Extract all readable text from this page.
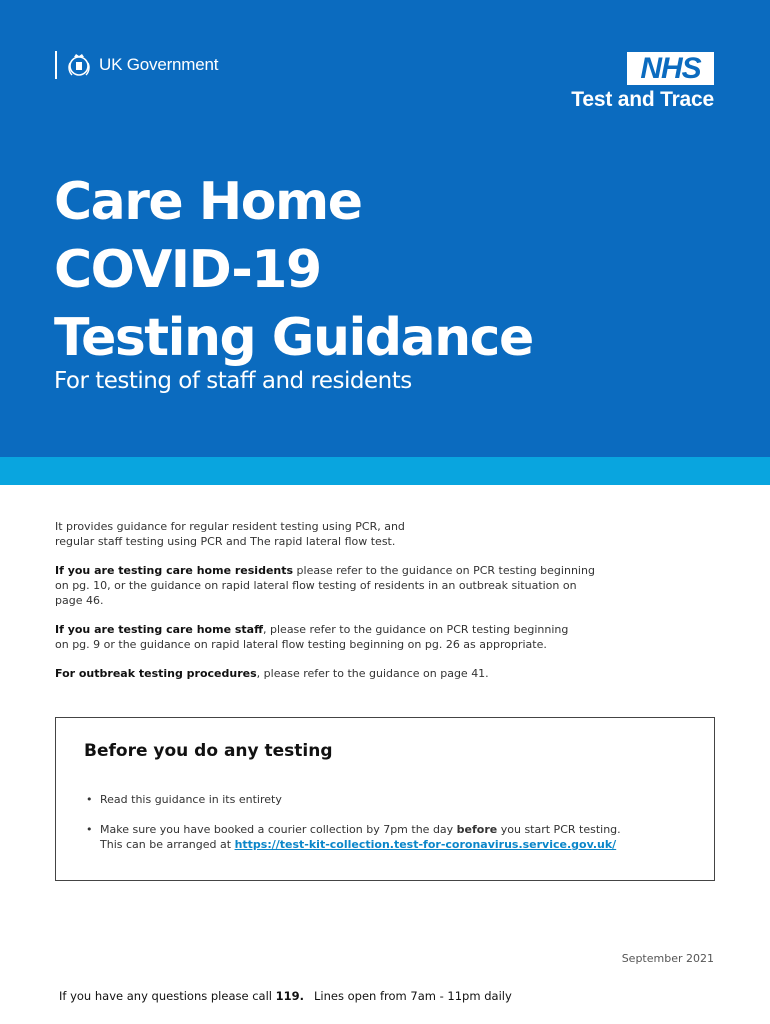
UK Government	NHS
Test and Trace
Care Home
COVID-19
Testing Guidance

For testing of staff and residents

It provides guidance for regular resident testing using PCR, and regular staff testing using PCR and The rapid lateral flow test.

If you are testing care home residents please refer to the guidance on PCR testing beginning on pg. 10, or the guidance on rapid lateral flow testing of residents in an outbreak situation on page 46.

If you are testing care home staff, please refer to the guidance on PCR testing beginning on pg. 9 or the guidance on rapid lateral flow testing beginning on pg. 26 as appropriate.

For outbreak testing procedures, please refer to the guidance on page 41.

Before you do any testing
• Read this guidance in its entirety
• Make sure you have booked a courier collection by 7pm the day before you start PCR testing.
This can be arranged at https://test-kit-collection.test-for-coronavirus.service.gov.uk/
September 2021
If you have any questions please call 119. Lines open from 7am - 11pm daily
